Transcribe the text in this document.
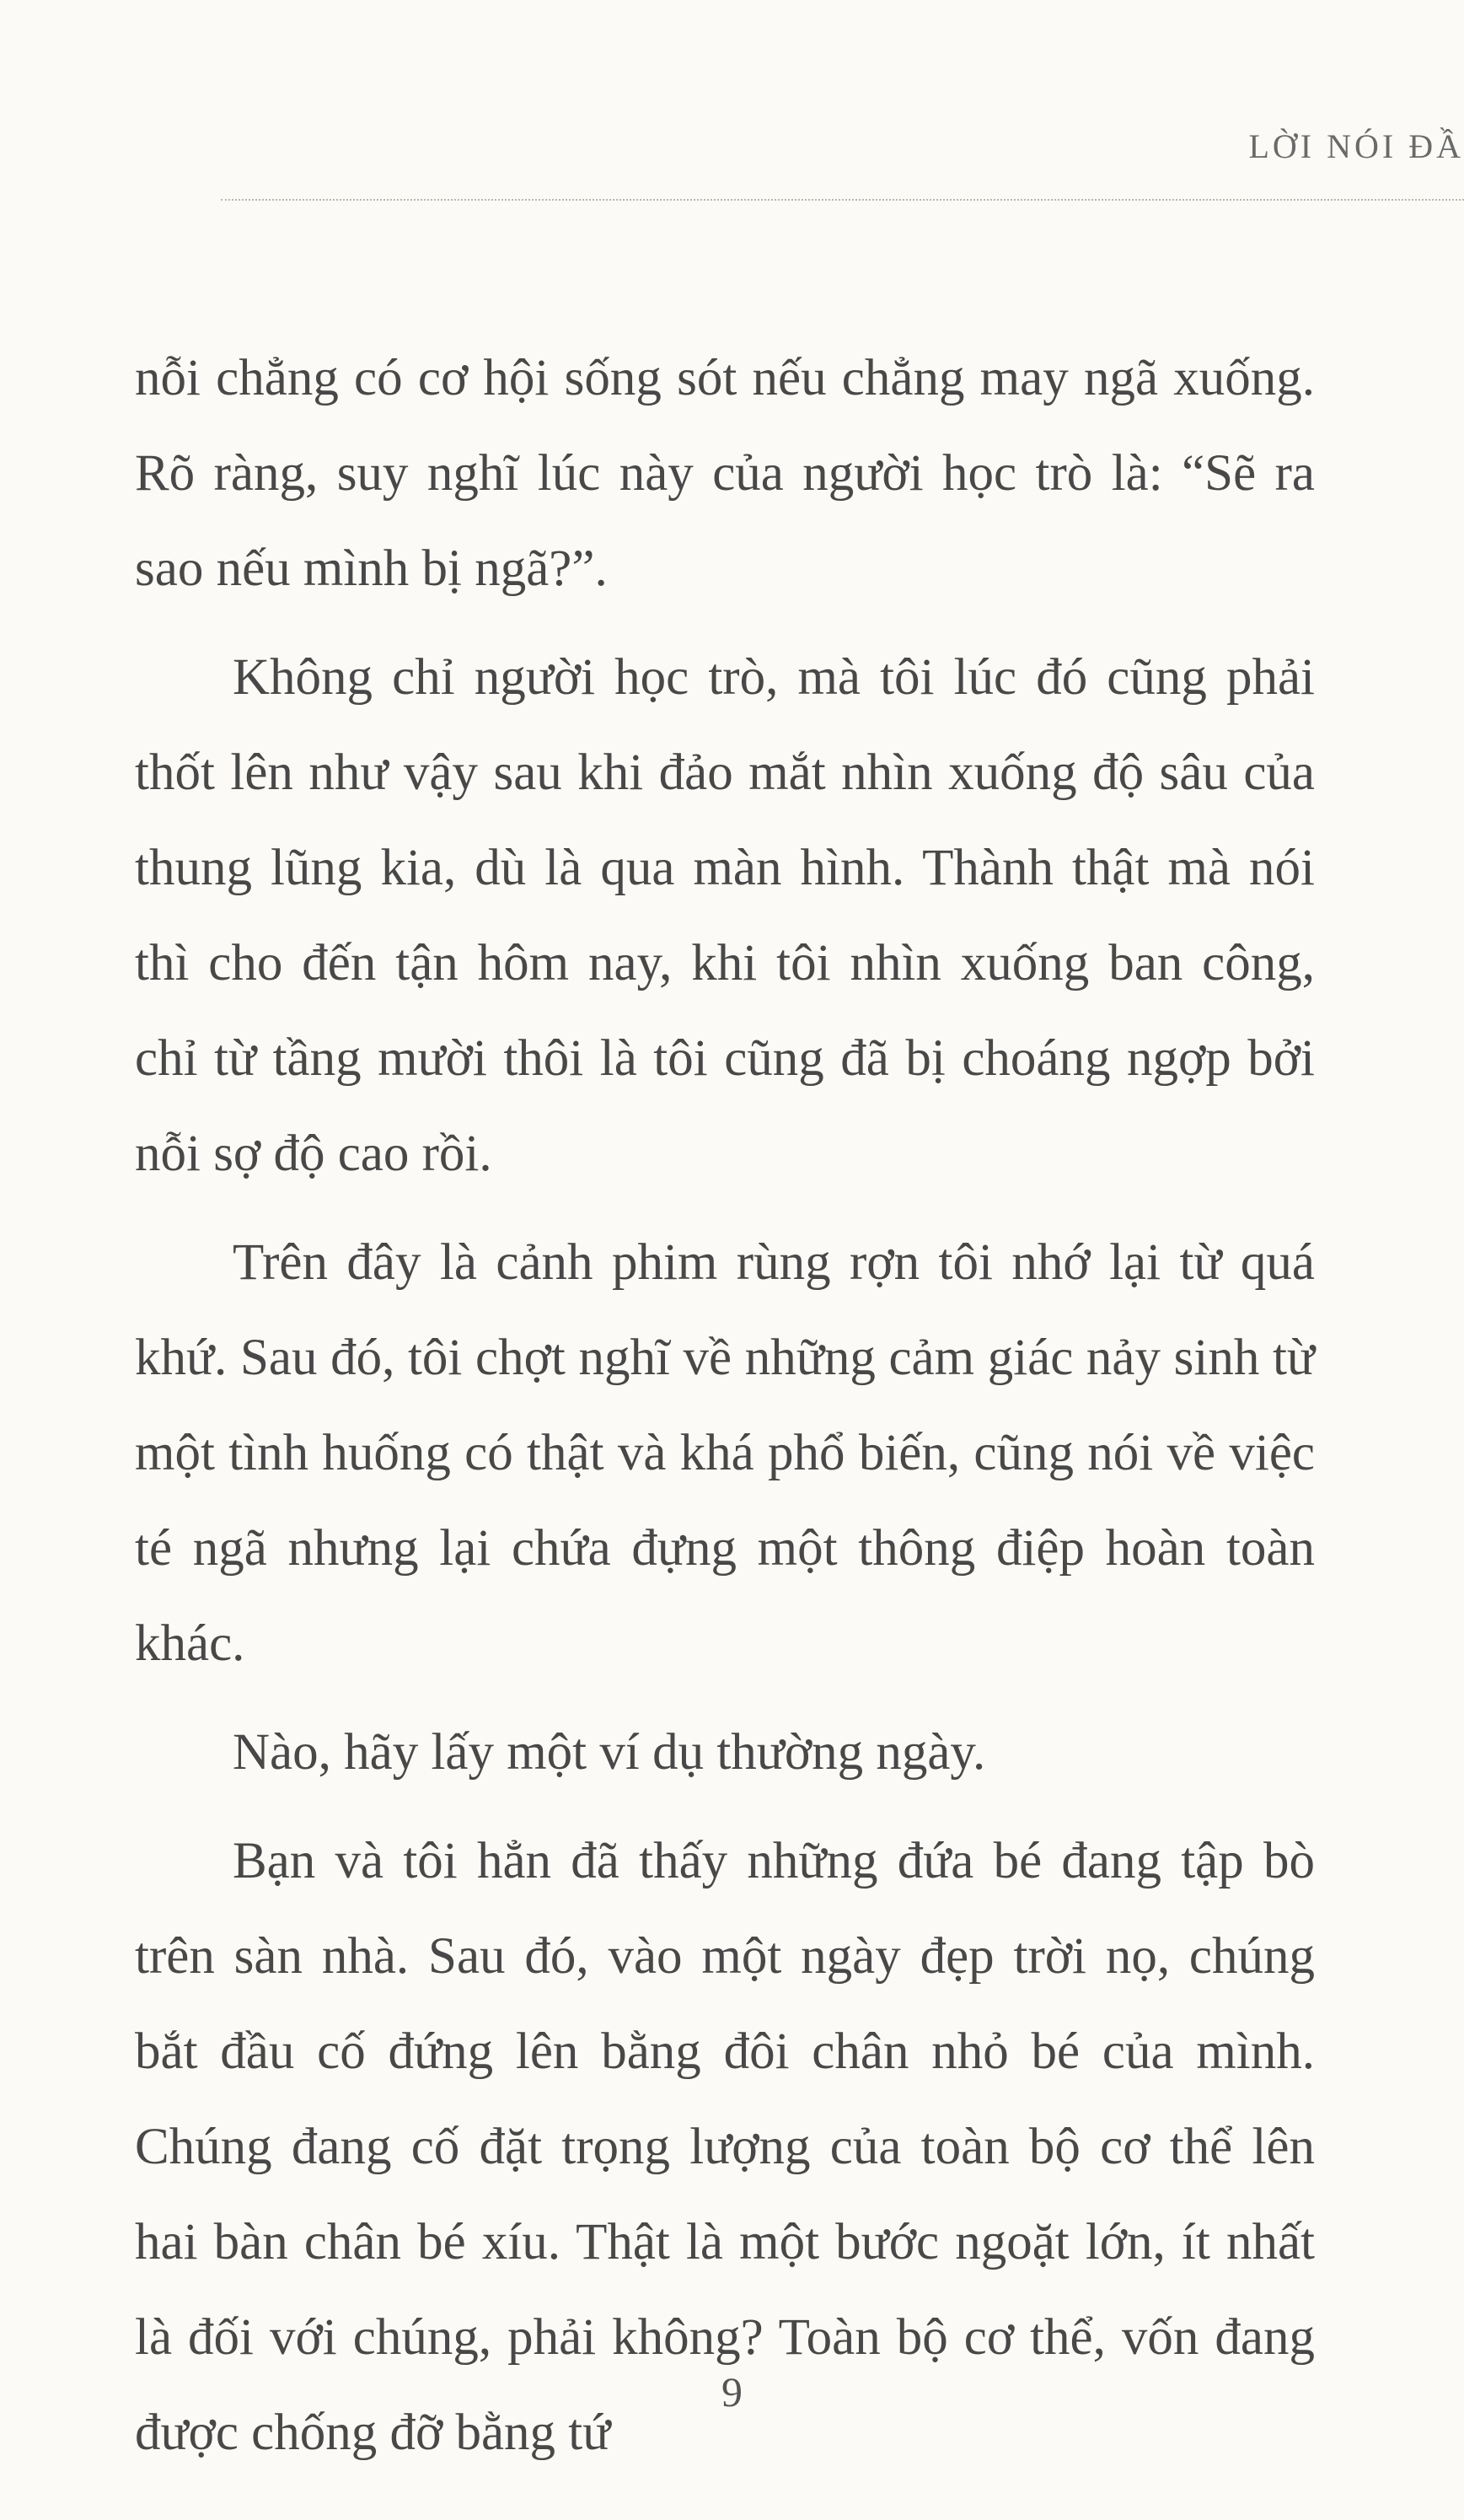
LỜI NÓI ĐẦ

nỗi chẳng có cơ hội sống sót nếu chẳng may ngã xuống. Rõ ràng, suy nghĩ lúc này của người học trò là: “Sẽ ra sao nếu mình bị ngã?”.

Không chỉ người học trò, mà tôi lúc đó cũng phải thốt lên như vậy sau khi đảo mắt nhìn xuống độ sâu của thung lũng kia, dù là qua màn hình. Thành thật mà nói thì cho đến tận hôm nay, khi tôi nhìn xuống ban công, chỉ từ tầng mười thôi là tôi cũng đã bị choáng ngợp bởi nỗi sợ độ cao rồi.

Trên đây là cảnh phim rùng rợn tôi nhớ lại từ quá khứ. Sau đó, tôi chợt nghĩ về những cảm giác nảy sinh từ một tình huống có thật và khá phổ biến, cũng nói về việc té ngã nhưng lại chứa đựng một thông điệp hoàn toàn khác.

Nào, hãy lấy một ví dụ thường ngày.

Bạn và tôi hẳn đã thấy những đứa bé đang tập bò trên sàn nhà. Sau đó, vào một ngày đẹp trời nọ, chúng bắt đầu cố đứng lên bằng đôi chân nhỏ bé của mình. Chúng đang cố đặt trọng lượng của toàn bộ cơ thể lên hai bàn chân bé xíu. Thật là một bước ngoặt lớn, ít nhất là đối với chúng, phải không? Toàn bộ cơ thể, vốn đang được chống đỡ bằng tứ

9
